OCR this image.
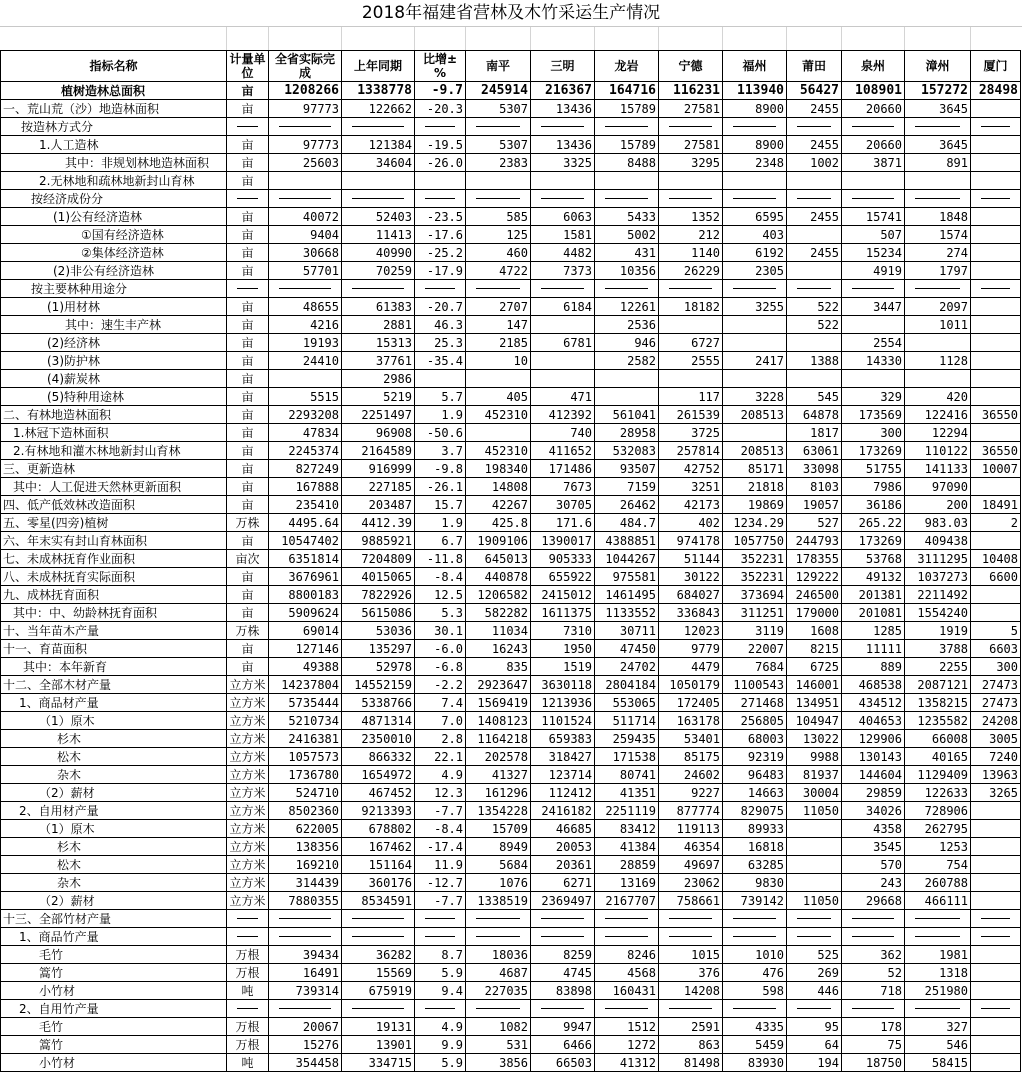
2018年福建省营林及木竹采运生产情况
指标名称	计量单位	全省实际完成	上年同期	比增±%	南平	三明	龙岩	宁德	福州	莆田	泉州	漳州	厦门
植树造林总面积	亩	1208266	1338778	-9.7	245914	216367	164716	116231	113940	56427	108901	157272	28498
一、荒山荒（沙）地造林面积	亩	97773	122662	-20.3	5307	13436	15789	27581	8900	2455	20660	3645	
按造林方式分	

1.人工造林	亩	97773	121384	-19.5	5307	13436	15789	27581	8900	2455	20660	3645	
其中：非规划林地造林面积	亩	25603	34604	-26.0	2383	3325	8488	3295	2348	1002	3871	891	
2.无林地和疏林地新封山育林	亩												
按经济成份分	

(1)公有经济造林	亩	40072	52403	-23.5	585	6063	5433	1352	6595	2455	15741	1848	
①国有经济造林	亩	9404	11413	-17.6	125	1581	5002	212	403		507	1574	
②集体经济造林	亩	30668	40990	-25.2	460	4482	431	1140	6192	2455	15234	274	
(2)非公有经济造林	亩	57701	70259	-17.9	4722	7373	10356	26229	2305		4919	1797	
按主要林种用途分	

(1)用材林	亩	48655	61383	-20.7	2707	6184	12261	18182	3255	522	3447	2097	
其中：速生丰产林	亩	4216	2881	46.3	147		2536			522		1011	
(2)经济林	亩	19193	15313	25.3	2185	6781	946	6727			2554		
(3)防护林	亩	24410	37761	-35.4	10		2582	2555	2417	1388	14330	1128	
(4)薪炭林	亩		2986										
(5)特种用途林	亩	5515	5219	5.7	405	471		117	3228	545	329	420	
二、有林地造林面积	亩	2293208	2251497	1.9	452310	412392	561041	261539	208513	64878	173569	122416	36550
1.林冠下造林面积	亩	47834	96908	-50.6		740	28958	3725		1817	300	12294	
2.有林地和灌木林地新封山育林	亩	2245374	2164589	3.7	452310	411652	532083	257814	208513	63061	173269	110122	36550
三、更新造林	亩	827249	916999	-9.8	198340	171486	93507	42752	85171	33098	51755	141133	10007
其中：人工促进天然林更新面积	亩	167888	227185	-26.1	14808	7673	7159	3251	21818	8103	7986	97090	
四、低产低效林改造面积	亩	235410	203487	15.7	42267	30705	26462	42173	19869	19057	36186	200	18491
五、零星(四旁)植树	万株	4495.64	4412.39	1.9	425.8	171.6	484.7	402	1234.29	527	265.22	983.03	2
六、年末实有封山育林面积	亩	10547402	9885921	6.7	1909106	1390017	4388851	974178	1057750	244793	173269	409438	
七、未成林抚育作业面积	亩次	6351814	7204809	-11.8	645013	905333	1044267	51144	352231	178355	53768	3111295	10408
八、未成林抚育实际面积	亩	3676961	4015065	-8.4	440878	655922	975581	30122	352231	129222	49132	1037273	6600
九、成林抚育面积	亩	8800183	7822926	12.5	1206582	2415012	1461495	684027	373694	246500	201381	2211492	
其中：中、幼龄林抚育面积	亩	5909624	5615086	5.3	582282	1611375	1133552	336843	311251	179000	201081	1554240	
十、当年苗木产量	万株	69014	53036	30.1	11034	7310	30711	12023	3119	1608	1285	1919	5
十一、育苗面积	亩	127146	135297	-6.0	16243	1950	47450	9779	22007	8215	11111	3788	6603
其中：本年新育	亩	49388	52978	-6.8	835	1519	24702	4479	7684	6725	889	2255	300
十二、全部木材产量	立方米	14237804	14552159	-2.2	2923647	3630118	2804184	1050179	1100543	146001	468538	2087121	27473
1、商品材产量	立方米	5735444	5338766	7.4	1569419	1213936	553065	172405	271468	134951	434512	1358215	27473
（1）原木	立方米	5210734	4871314	7.0	1408123	1101524	511714	163178	256805	104947	404653	1235582	24208
杉木	立方米	2416381	2350010	2.8	1164218	659383	259435	53401	68003	13022	129906	66008	3005
松木	立方米	1057573	866332	22.1	202578	318427	171538	85175	92319	9988	130143	40165	7240
杂木	立方米	1736780	1654972	4.9	41327	123714	80741	24602	96483	81937	144604	1129409	13963
（2）薪材	立方米	524710	467452	12.3	161296	112412	41351	9227	14663	30004	29859	122633	3265
2、自用材产量	立方米	8502360	9213393	-7.7	1354228	2416182	2251119	877774	829075	11050	34026	728906	
（1）原木	立方米	622005	678802	-8.4	15709	46685	83412	119113	89933		4358	262795	
杉木	立方米	138356	167462	-17.4	8949	20053	41384	46354	16818		3545	1253	
松木	立方米	169210	151164	11.9	5684	20361	28859	49697	63285		570	754	
杂木	立方米	314439	360176	-12.7	1076	6271	13169	23062	9830		243	260788	
（2）薪材	立方米	7880355	8534591	-7.7	1338519	2369497	2167707	758661	739142	11050	29668	466111	
十三、全部竹材产量	

1、商品竹产量	

毛竹	万根	39434	36282	8.7	18036	8259	8246	1015	1010	525	362	1981	
篙竹	万根	16491	15569	5.9	4687	4745	4568	376	476	269	52	1318	
小竹材	吨	739314	675919	9.4	227035	83898	160431	14208	598	446	718	251980	
2、自用竹产量	

毛竹	万根	20067	19131	4.9	1082	9947	1512	2591	4335	95	178	327	
篙竹	万根	15276	13901	9.9	531	6466	1272	863	5459	64	75	546	
小竹材	吨	354458	334715	5.9	3856	66503	41312	81498	83930	194	18750	58415	
